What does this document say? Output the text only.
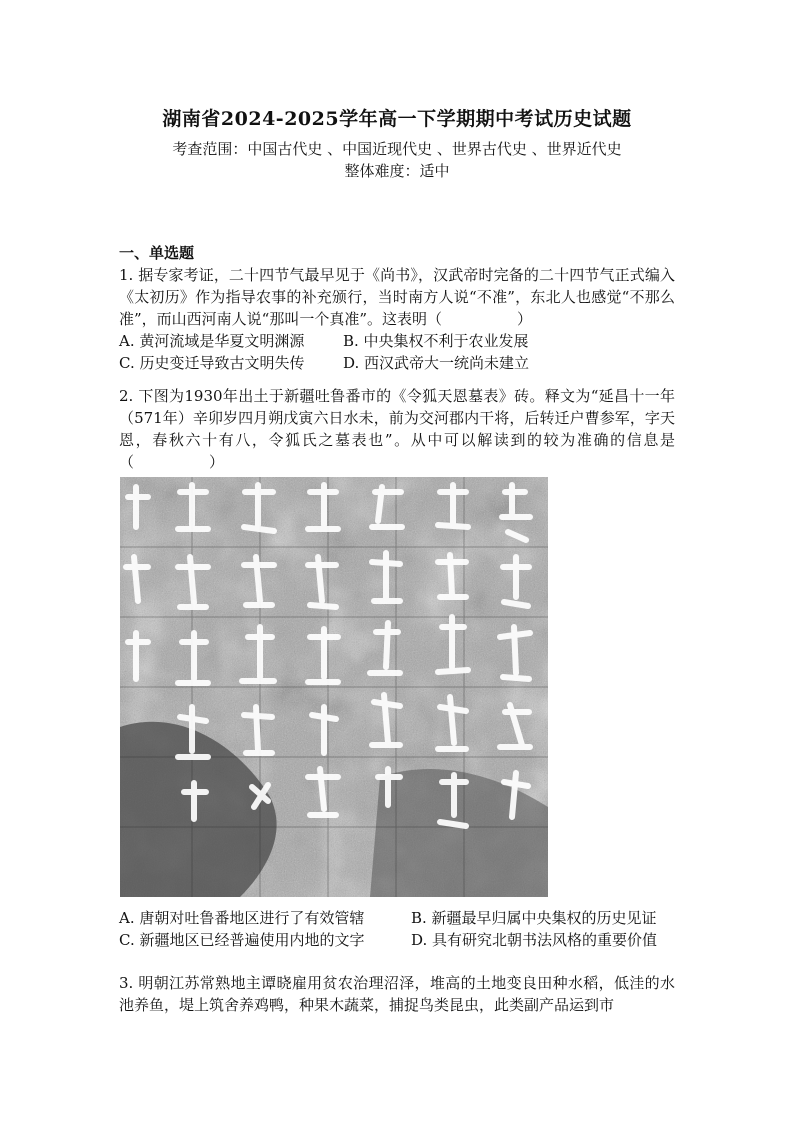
湖南省2024-2025学年高一下学期期中考试历史试题
考查范围：中国古代史 、中国近现代史 、世界古代史 、世界近代史
整体难度：适中
一、单选题
1. 据专家考证，二十四节气最早见于《尚书》，汉武帝时完备的二十四节气正式编入《太初历》作为指导农事的补充颁行，当时南方人说“不准”，东北人也感觉“不那么准”，而山西河南人说“那叫一个真准”。这表明（　　　　　）
A. 黄河流域是华夏文明渊源	B. 中央集权不利于农业发展
C. 历史变迁导致古文明失传	D. 西汉武帝大一统尚未建立
2. 下图为1930年出土于新疆吐鲁番市的《令狐天恩墓表》砖。释文为“延昌十一年（571年）辛卯岁四月朔戊寅六日水未，前为交河郡内干将，后转迁户曹参军，字天恩，春秋六十有八，令狐氏之墓表也”。从中可以解读到的较为准确的信息是（　　　　　）
A. 唐朝对吐鲁番地区进行了有效管辖	B. 新疆最早归属中央集权的历史见证
C. 新疆地区已经普遍使用内地的文字	D. 具有研究北朝书法风格的重要价值
3. 明朝江苏常熟地主谭晓雇用贫农治理沼泽，堆高的土地变良田种水稻，低洼的水池养鱼，堤上筑舍养鸡鸭，种果木蔬菜，捕捉鸟类昆虫，此类副产品运到市
